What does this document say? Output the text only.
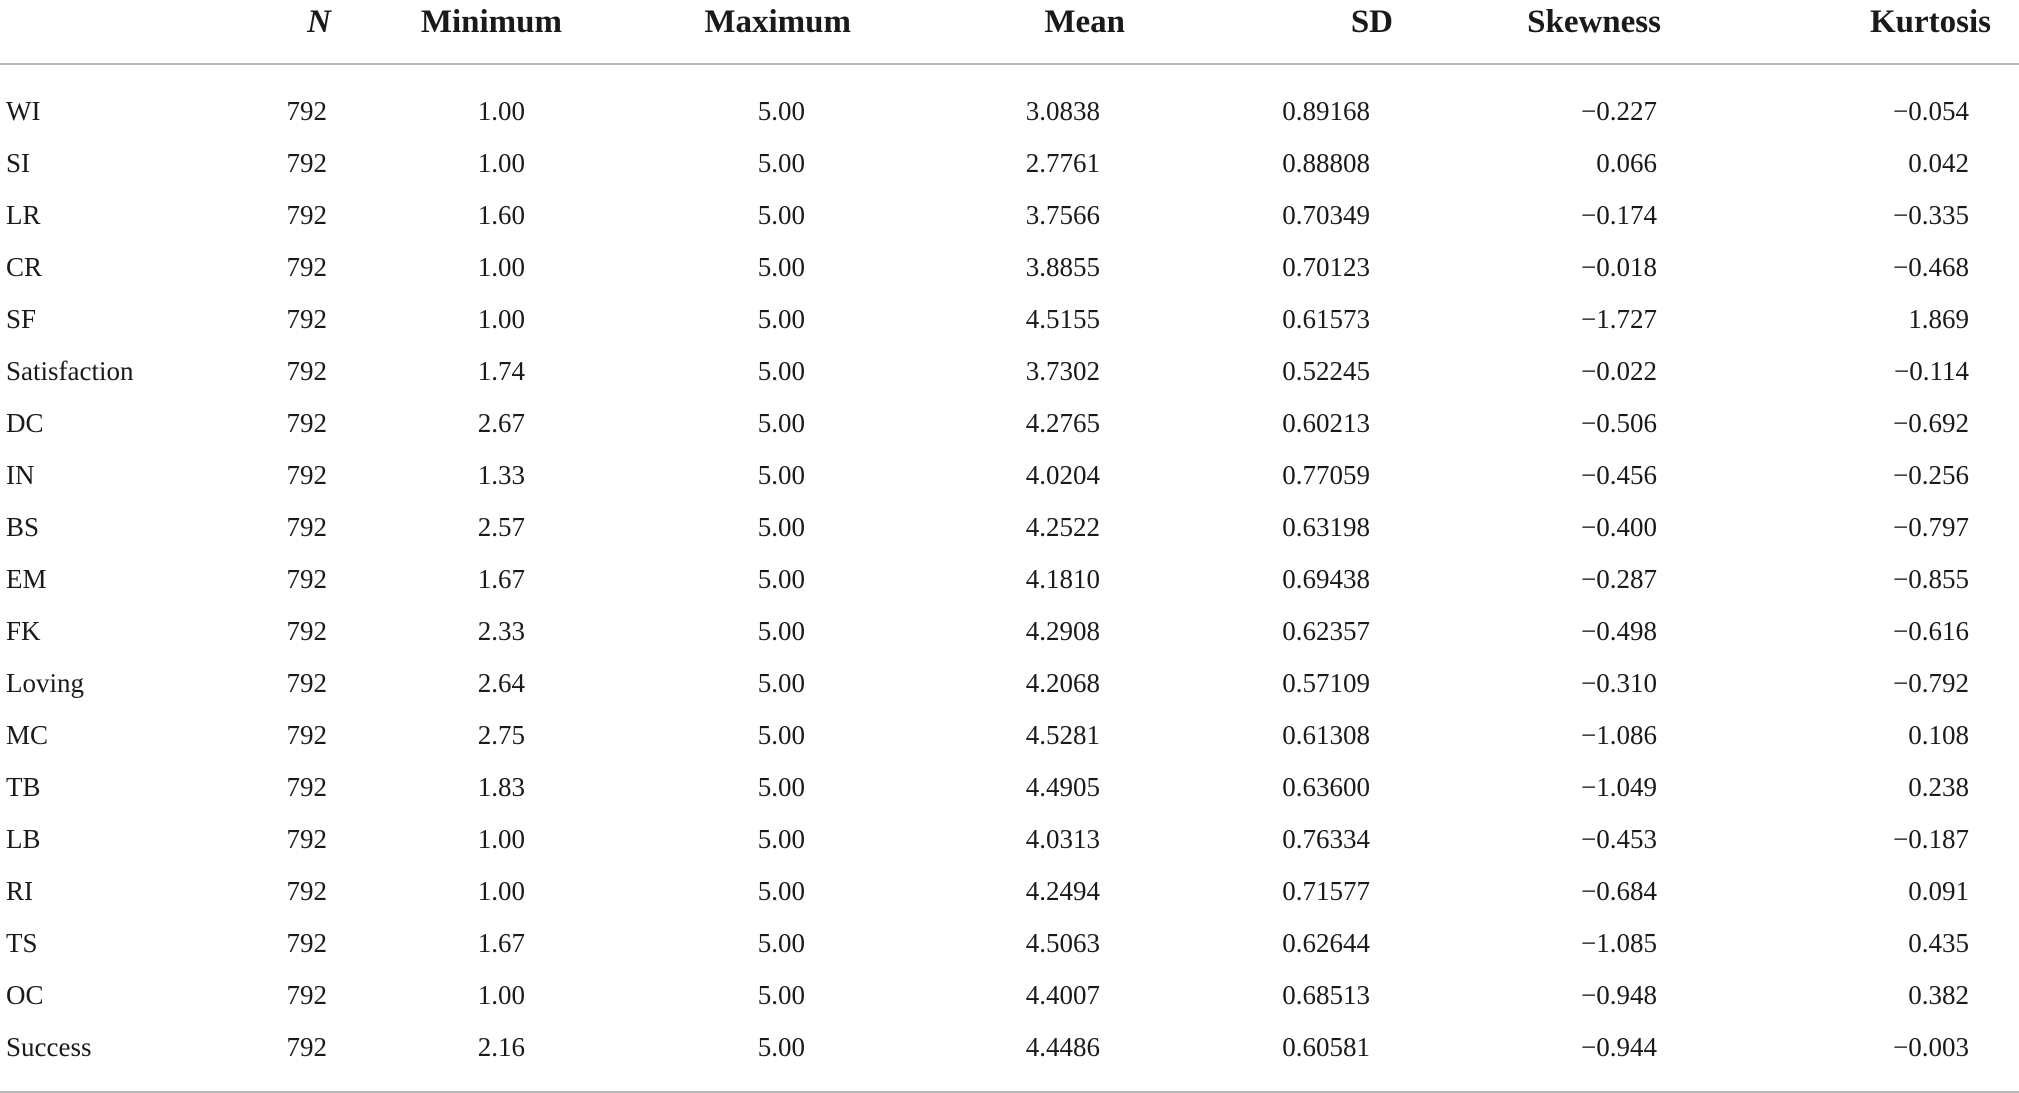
	N	Minimum	Maximum	Mean	SD	Skewness	Kurtosis
WI	792	1.00	5.00	3.0838	0.89168	−0.227	−0.054
SI	792	1.00	5.00	2.7761	0.88808	0.066	0.042
LR	792	1.60	5.00	3.7566	0.70349	−0.174	−0.335
CR	792	1.00	5.00	3.8855	0.70123	−0.018	−0.468
SF	792	1.00	5.00	4.5155	0.61573	−1.727	1.869
Satisfaction	792	1.74	5.00	3.7302	0.52245	−0.022	−0.114
DC	792	2.67	5.00	4.2765	0.60213	−0.506	−0.692
IN	792	1.33	5.00	4.0204	0.77059	−0.456	−0.256
BS	792	2.57	5.00	4.2522	0.63198	−0.400	−0.797
EM	792	1.67	5.00	4.1810	0.69438	−0.287	−0.855
FK	792	2.33	5.00	4.2908	0.62357	−0.498	−0.616
Loving	792	2.64	5.00	4.2068	0.57109	−0.310	−0.792
MC	792	2.75	5.00	4.5281	0.61308	−1.086	0.108
TB	792	1.83	5.00	4.4905	0.63600	−1.049	0.238
LB	792	1.00	5.00	4.0313	0.76334	−0.453	−0.187
RI	792	1.00	5.00	4.2494	0.71577	−0.684	0.091
TS	792	1.67	5.00	4.5063	0.62644	−1.085	0.435
OC	792	1.00	5.00	4.4007	0.68513	−0.948	0.382
Success	792	2.16	5.00	4.4486	0.60581	−0.944	−0.003
